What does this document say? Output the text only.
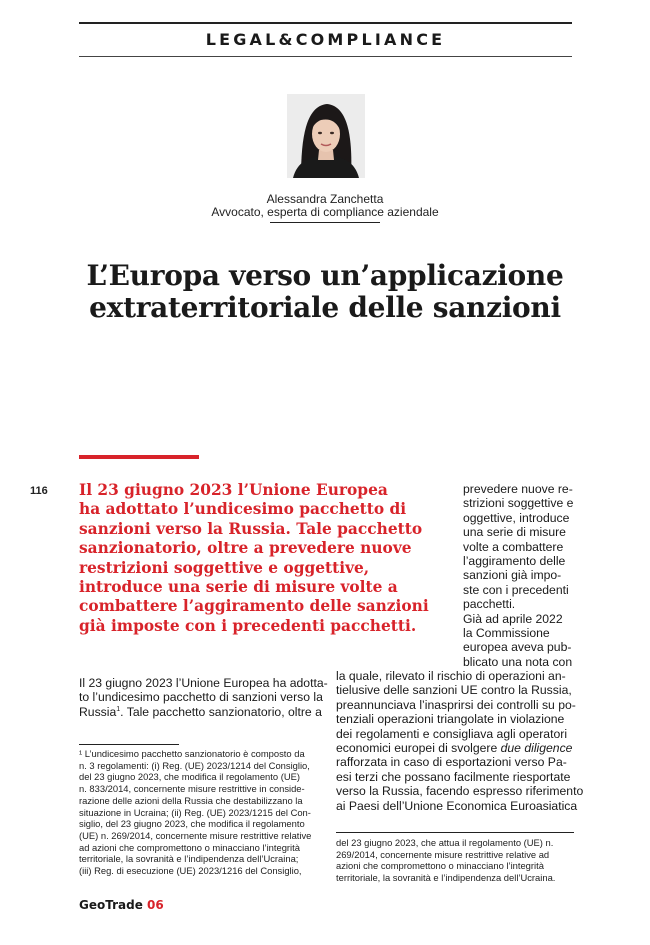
LEGAL&COMPLIANCE
Alessandra Zanchetta
Avvocato, esperta di compliance aziendale
L’Europa verso un’applicazione
extraterritoriale delle sanzioni
116 Il 23 giugno 2023 l’Unione Europea
ha adottato l’undicesimo pacchetto di
sanzioni verso la Russia. Tale pacchetto
sanzionatorio, oltre a prevedere nuove
restrizioni soggettive e oggettive,
introduce una serie di misure volte a
combattere l’aggiramento delle sanzioni
già imposte con i precedenti pacchetti.
prevedere nuove re-
strizioni soggettive e
oggettive, introduce
una serie di misure
volte a combattere
l’aggiramento delle
sanzioni già impo-
ste con i precedenti
pacchetti.
Già ad aprile 2022
la Commissione
europea aveva pub-
blicato una nota con
la quale, rilevato il rischio di operazioni an-
tielusive delle sanzioni UE contro la Russia,
preannunciava l’inasprirsi dei controlli su po-
tenziali operazioni triangolate in violazione
dei regolamenti e consigliava agli operatori
economici europei di svolgere due diligence
rafforzata in caso di esportazioni verso Pa-
esi terzi che possano facilmente riesportate
verso la Russia, facendo espresso riferimento
ai Paesi dell’Unione Economica Euroasiatica
Il 23 giugno 2023 l’Unione Europea ha adotta-
to l’undicesimo pacchetto di sanzioni verso la
Russia$^1$. Tale pacchetto sanzionatorio, oltre a
¹ L’undicesimo pacchetto sanzionatorio è composto da
n. 3 regolamenti: (i) Reg. (UE) 2023/1214 del Consiglio,
del 23 giugno 2023, che modifica il regolamento (UE)
n. 833/2014, concernente misure restrittive in conside-
razione delle azioni della Russia che destabilizzano la
situazione in Ucraina; (ii) Reg. (UE) 2023/1215 del Con-
siglio, del 23 giugno 2023, che modifica il regolamento
(UE) n. 269/2014, concernente misure restrittive relative
ad azioni che compromettono o minacciano l’integrità
territoriale, la sovranità e l’indipendenza dell’Ucraina;
(iii) Reg. di esecuzione (UE) 2023/1216 del Consiglio,
del 23 giugno 2023, che attua il regolamento (UE) n.
269/2014, concernente misure restrittive relative ad
azioni che compromettono o minacciano l’integrità
territoriale, la sovranità e l’indipendenza dell’Ucraina.
GeoTrade 06
